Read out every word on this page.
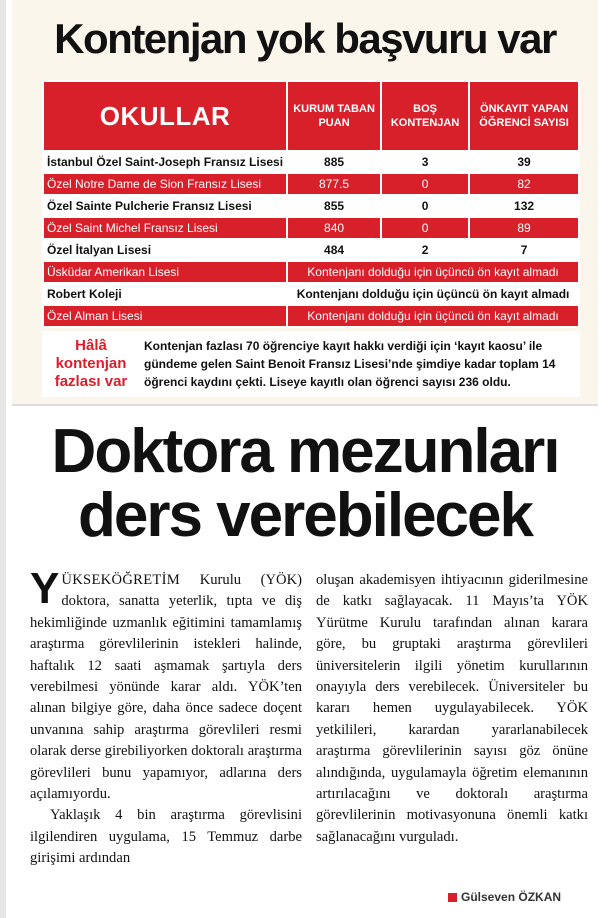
Kontenjan yok başvuru var
OKULLAR	KURUM TABAN PUAN	BOŞ KONTENJAN	ÖNKAYIT YAPAN ÖĞRENCİ SAYISI
İstanbul Özel Saint-Joseph Fransız Lisesi	885	3	39
Özel Notre Dame de Sion Fransız Lisesi	877.5	0	82
Özel Sainte Pulcherie Fransız Lisesi	855	0	132
Özel Saint Michel Fransız Lisesi	840	0	89
Özel İtalyan Lisesi	484	2	7
Üsküdar Amerikan Lisesi	Kontenjanı dolduğu için üçüncü ön kayıt almadı		
Robert Koleji	Kontenjanı dolduğu için üçüncü ön kayıt almadı		
Özel Alman Lisesi	Kontenjanı dolduğu için üçüncü ön kayıt almadı		
Hâlâ
kontenjan
fazlası var
Kontenjan fazlası 70 öğrenciye kayıt hakkı verdiği için ‘kayıt kaosu’ ile gündeme gelen Saint Benoit Fransız Lisesi’nde şimdiye kadar toplam 14 öğrenci kaydını çekti. Liseye kayıtlı olan öğrenci sayısı 236 oldu.
Doktora mezunları
ders verebilecek

YÜKSEKÖĞRETİM Kurulu (YÖK) doktora, sanatta yeterlik, tıpta ve diş hekimliğinde uzmanlık eğitimini tamamlamış araştırma görevlilerinin istekleri halinde, haftalık 12 saati aşmamak şartıyla ders verebilmesi yönünde karar aldı. YÖK’ten alınan bilgiye göre, daha önce sadece doçent unvanına sahip araştırma görevlileri resmi olarak derse girebiliyorken doktoralı araştırma görevlileri bunu yapamıyor, adlarına ders açılamıyordu.

Yaklaşık 4 bin araştırma görevlisini ilgilendiren uygulama, 15 Temmuz darbe girişimi ardından

oluşan akademisyen ihtiyacının giderilmesine de katkı sağlayacak. 11 Mayıs’ta YÖK Yürütme Kurulu tarafından alınan karara göre, bu gruptaki araştırma görevlileri üniversitelerin ilgili yönetim kurullarının onayıyla ders verebilecek. Üniversiteler bu kararı hemen uygulayabilecek. YÖK yetkilileri, karardan yararlanabilecek araştırma görevlilerinin sayısı göz önüne alındığında, uygulamayla öğretim elemanının artırılacağını ve doktoralı araştırma görevlilerinin motivasyonuna önemli katkı sağlanacağını vurguladı.

Gülseven ÖZKAN
